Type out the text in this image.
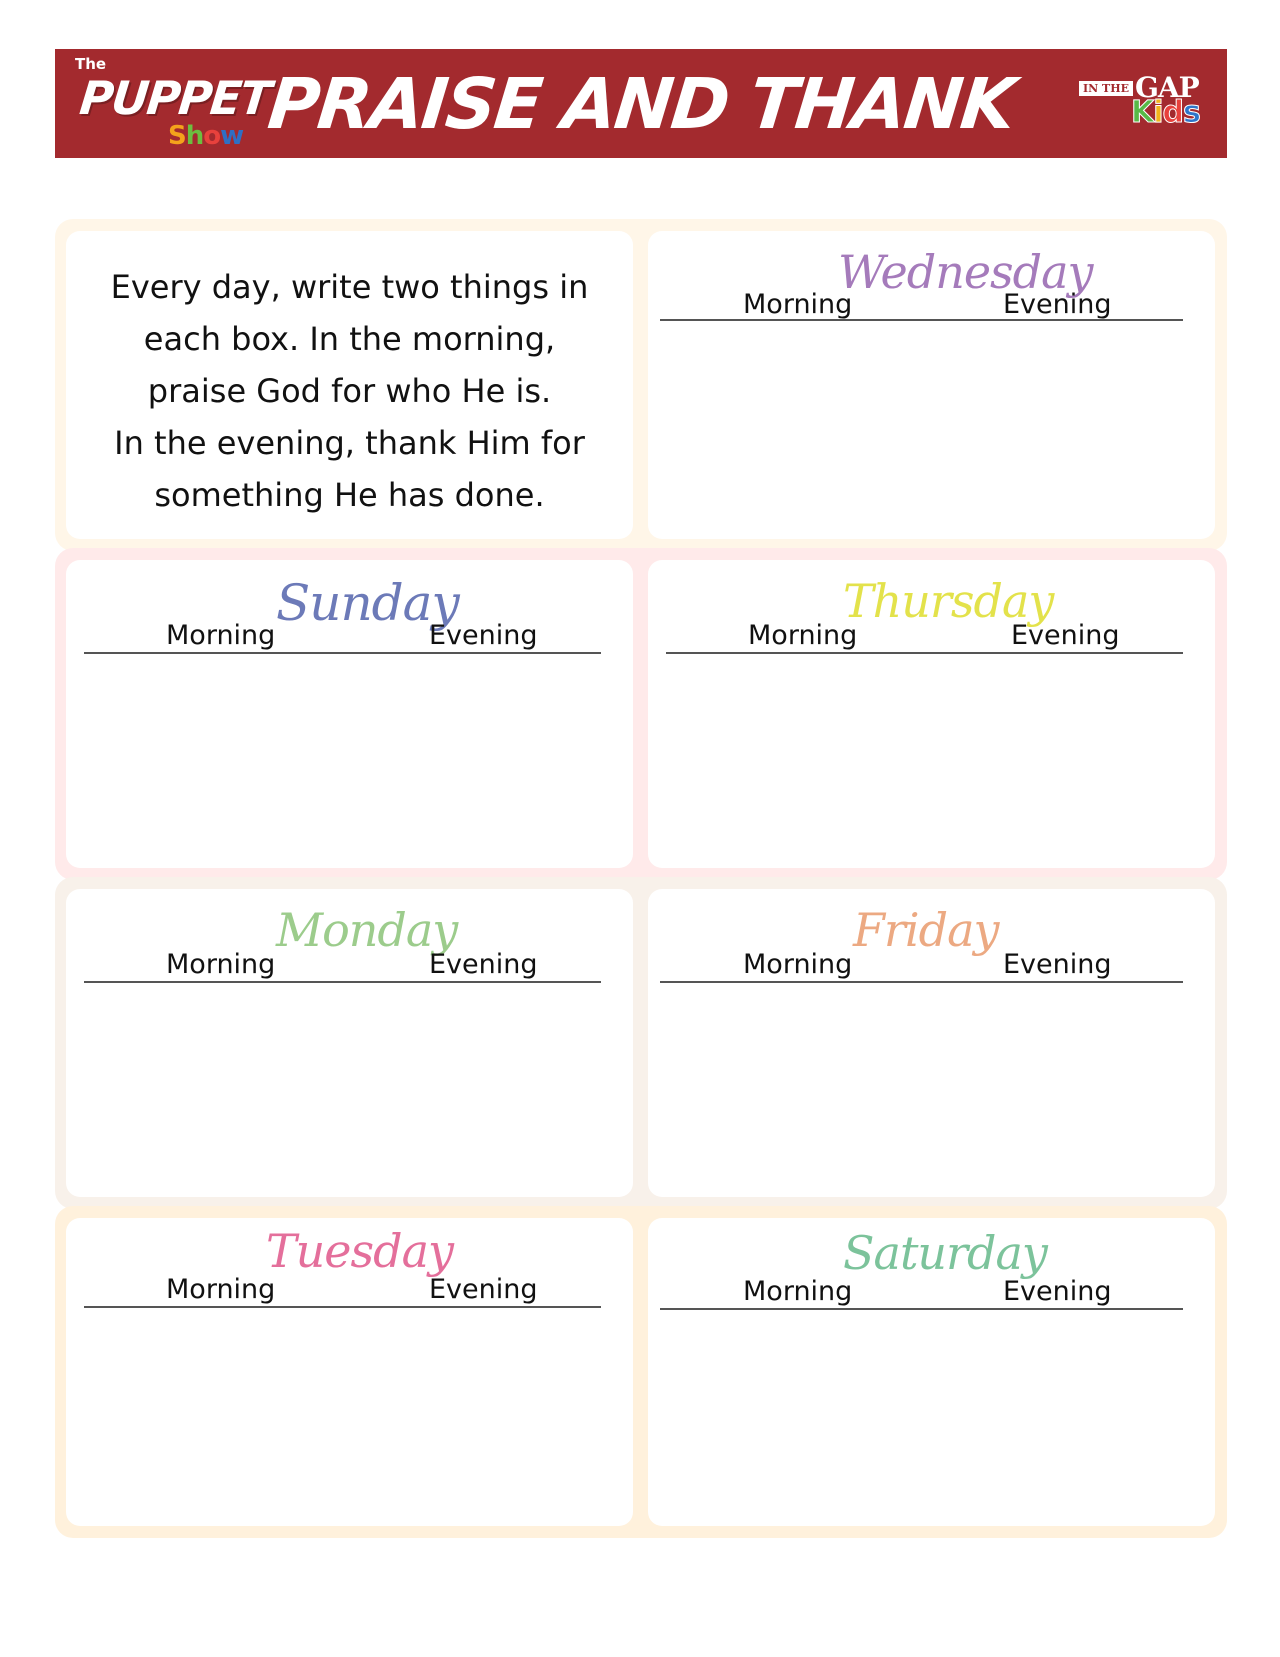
The
PUPPET
Show PRAISE AND THANK	IN THE GAP
Kids
Every day, write two things in
each box. In the morning,
praise God for who He is.
In the evening, thank Him for
something He has done.
Wednesday
Morning	Evening
Sunday
Morning	Evening
Thursday
Morning	Evening
Monday
Morning	Evening
Friday
Morning	Evening
Tuesday
Morning	Evening
Saturday
Morning	Evening
